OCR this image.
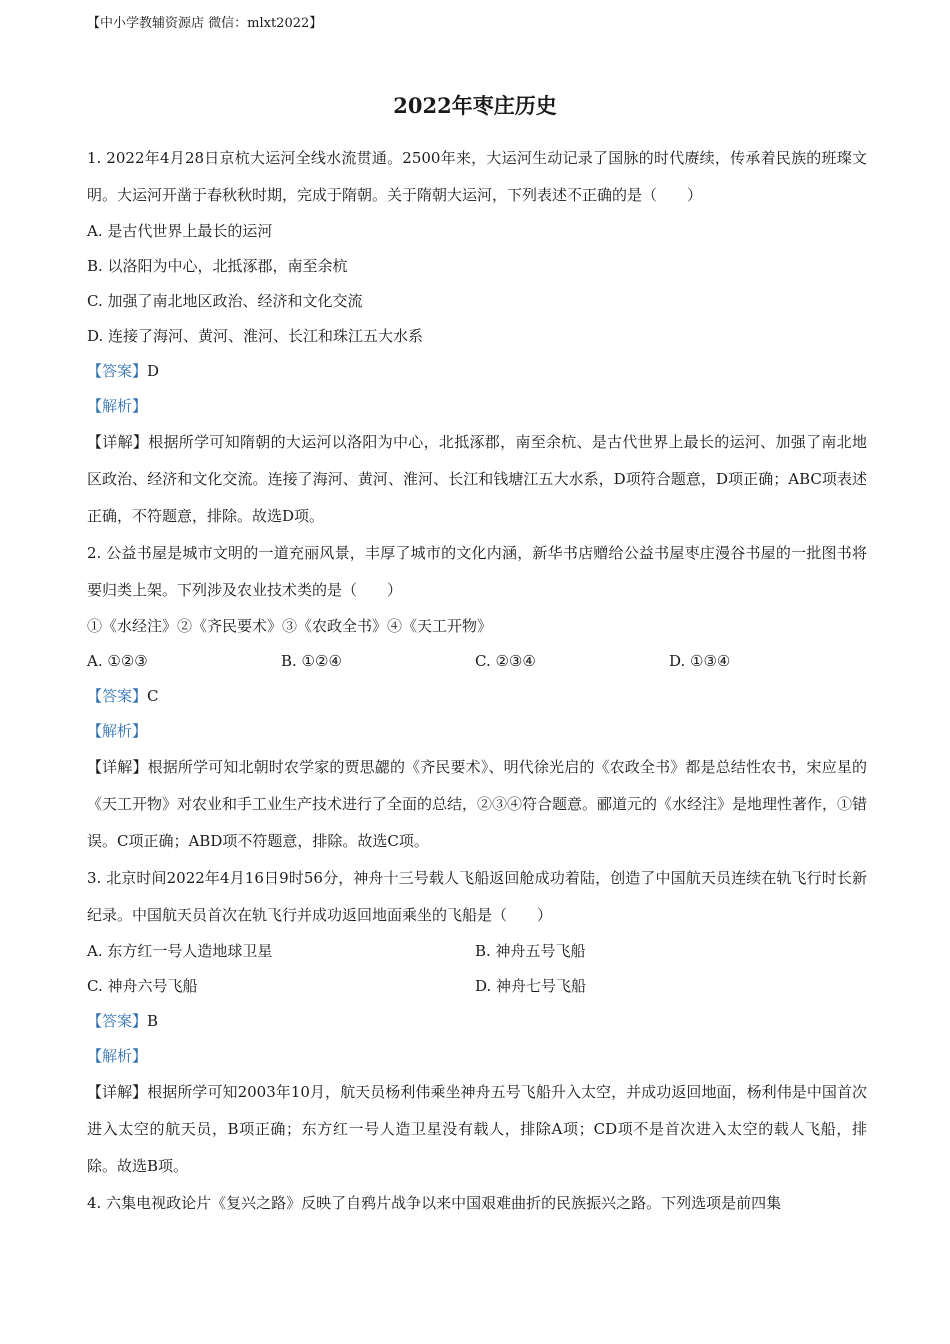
【中小学教辅资源店 微信：mlxt2022】
2022年枣庄历史

1. 2022年4月28日京杭大运河全线水流贯通。2500年来，大运河生动记录了国脉的时代赓续，传承着民族的班璨文明。大运河开凿于春秋秋时期，完成于隋朝。关于隋朝大运河，下列表述不正确的是（　　）

A. 是古代世界上最长的运河
B. 以洛阳为中心，北抵涿郡，南至余杭
C. 加强了南北地区政治、经济和文化交流
D. 连接了海河、黄河、淮河、长江和珠江五大水系
【答案】D
【解析】

【详解】根据所学可知隋朝的大运河以洛阳为中心，北抵涿郡，南至余杭、是古代世界上最长的运河、加强了南北地区政治、经济和文化交流。连接了海河、黄河、淮河、长江和钱塘江五大水系，D项符合题意，D项正确；ABC项表述正确，不符题意，排除。故选D项。

2. 公益书屋是城市文明的一道充丽风景，丰厚了城市的文化内涵，新华书店赠给公益书屋枣庄漫谷书屋的一批图书将要归类上架。下列涉及农业技术类的是（　　）

①《水经注》②《齐民要术》③《农政全书》④《天工开物》
A. ①②③	B. ①②④	C. ②③④	D. ①③④
【答案】C
【解析】

【详解】根据所学可知北朝时农学家的贾思勰的《齐民要术》、明代徐光启的《农政全书》都是总结性农书，宋应星的《天工开物》对农业和手工业生产技术进行了全面的总结，②③④符合题意。郦道元的《水经注》是地理性著作，①错误。C项正确；ABD项不符题意，排除。故选C项。

3. 北京时间2022年4月16日9时56分，神舟十三号载人飞船返回舱成功着陆，创造了中国航天员连续在轨飞行时长新纪录。中国航天员首次在轨飞行并成功返回地面乘坐的飞船是（　　）

A. 东方红一号人造地球卫星	B. 神舟五号飞船
C. 神舟六号飞船	D. 神舟七号飞船
【答案】B
【解析】

【详解】根据所学可知2003年10月，航天员杨利伟乘坐神舟五号飞船升入太空，并成功返回地面，杨利伟是中国首次进入太空的航天员，B项正确；东方红一号人造卫星没有载人，排除A项；CD项不是首次进入太空的载人飞船，排除。故选B项。

4. 六集电视政论片《复兴之路》反映了自鸦片战争以来中国艰难曲折的民族振兴之路。下列选项是前四集
